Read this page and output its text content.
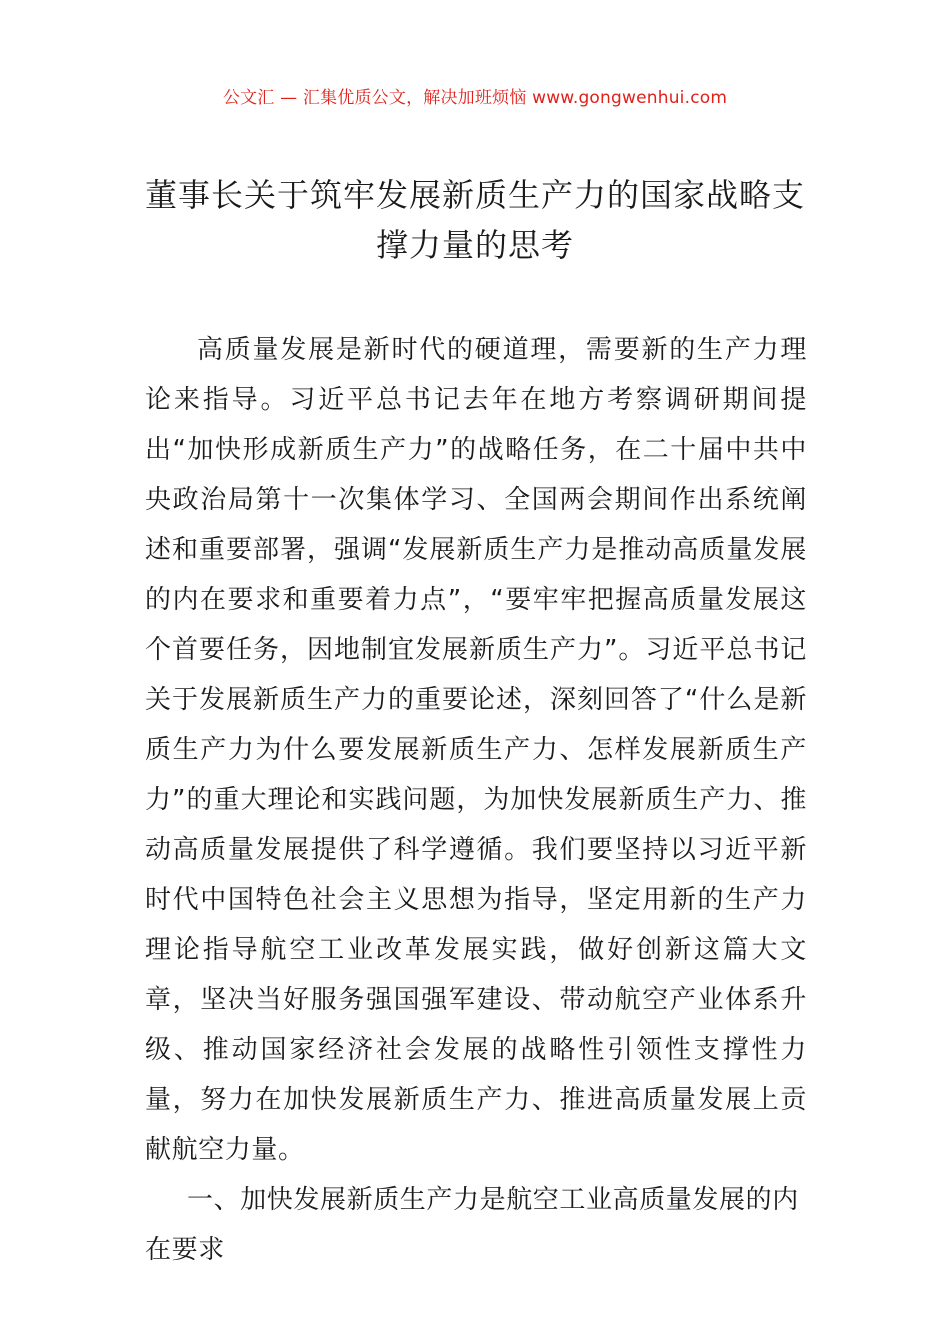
公文汇 — 汇集优质公文，解决加班烦恼 www.gongwenhui.com
董事长关于筑牢发展新质生产力的国家战略支撑力量的思考

高质量发展是新时代的硬道理，需要新的生产力理论来指导。习近平总书记去年在地方考察调研期间提出“加快形成新质生产力”的战略任务，在二十届中共中央政治局第十一次集体学习、全国两会期间作出系统阐述和重要部署，强调“发展新质生产力是推动高质量发展的内在要求和重要着力点”，“要牢牢把握高质量发展这个首要任务，因地制宜发展新质生产力”。习近平总书记关于发展新质生产力的重要论述，深刻回答了“什么是新质生产力为什么要发展新质生产力、怎样发展新质生产力”的重大理论和实践问题，为加快发展新质生产力、推动高质量发展提供了科学遵循。我们要坚持以习近平新时代中国特色社会主义思想为指导，坚定用新的生产力理论指导航空工业改革发展实践，做好创新这篇大文章，坚决当好服务强国强军建设、带动航空产业体系升级、推动国家经济社会发展的战略性引领性支撑性力量，努力在加快发展新质生产力、推进高质量发展上贡献航空力量。

一、加快发展新质生产力是航空工业高质量发展的内在要求
